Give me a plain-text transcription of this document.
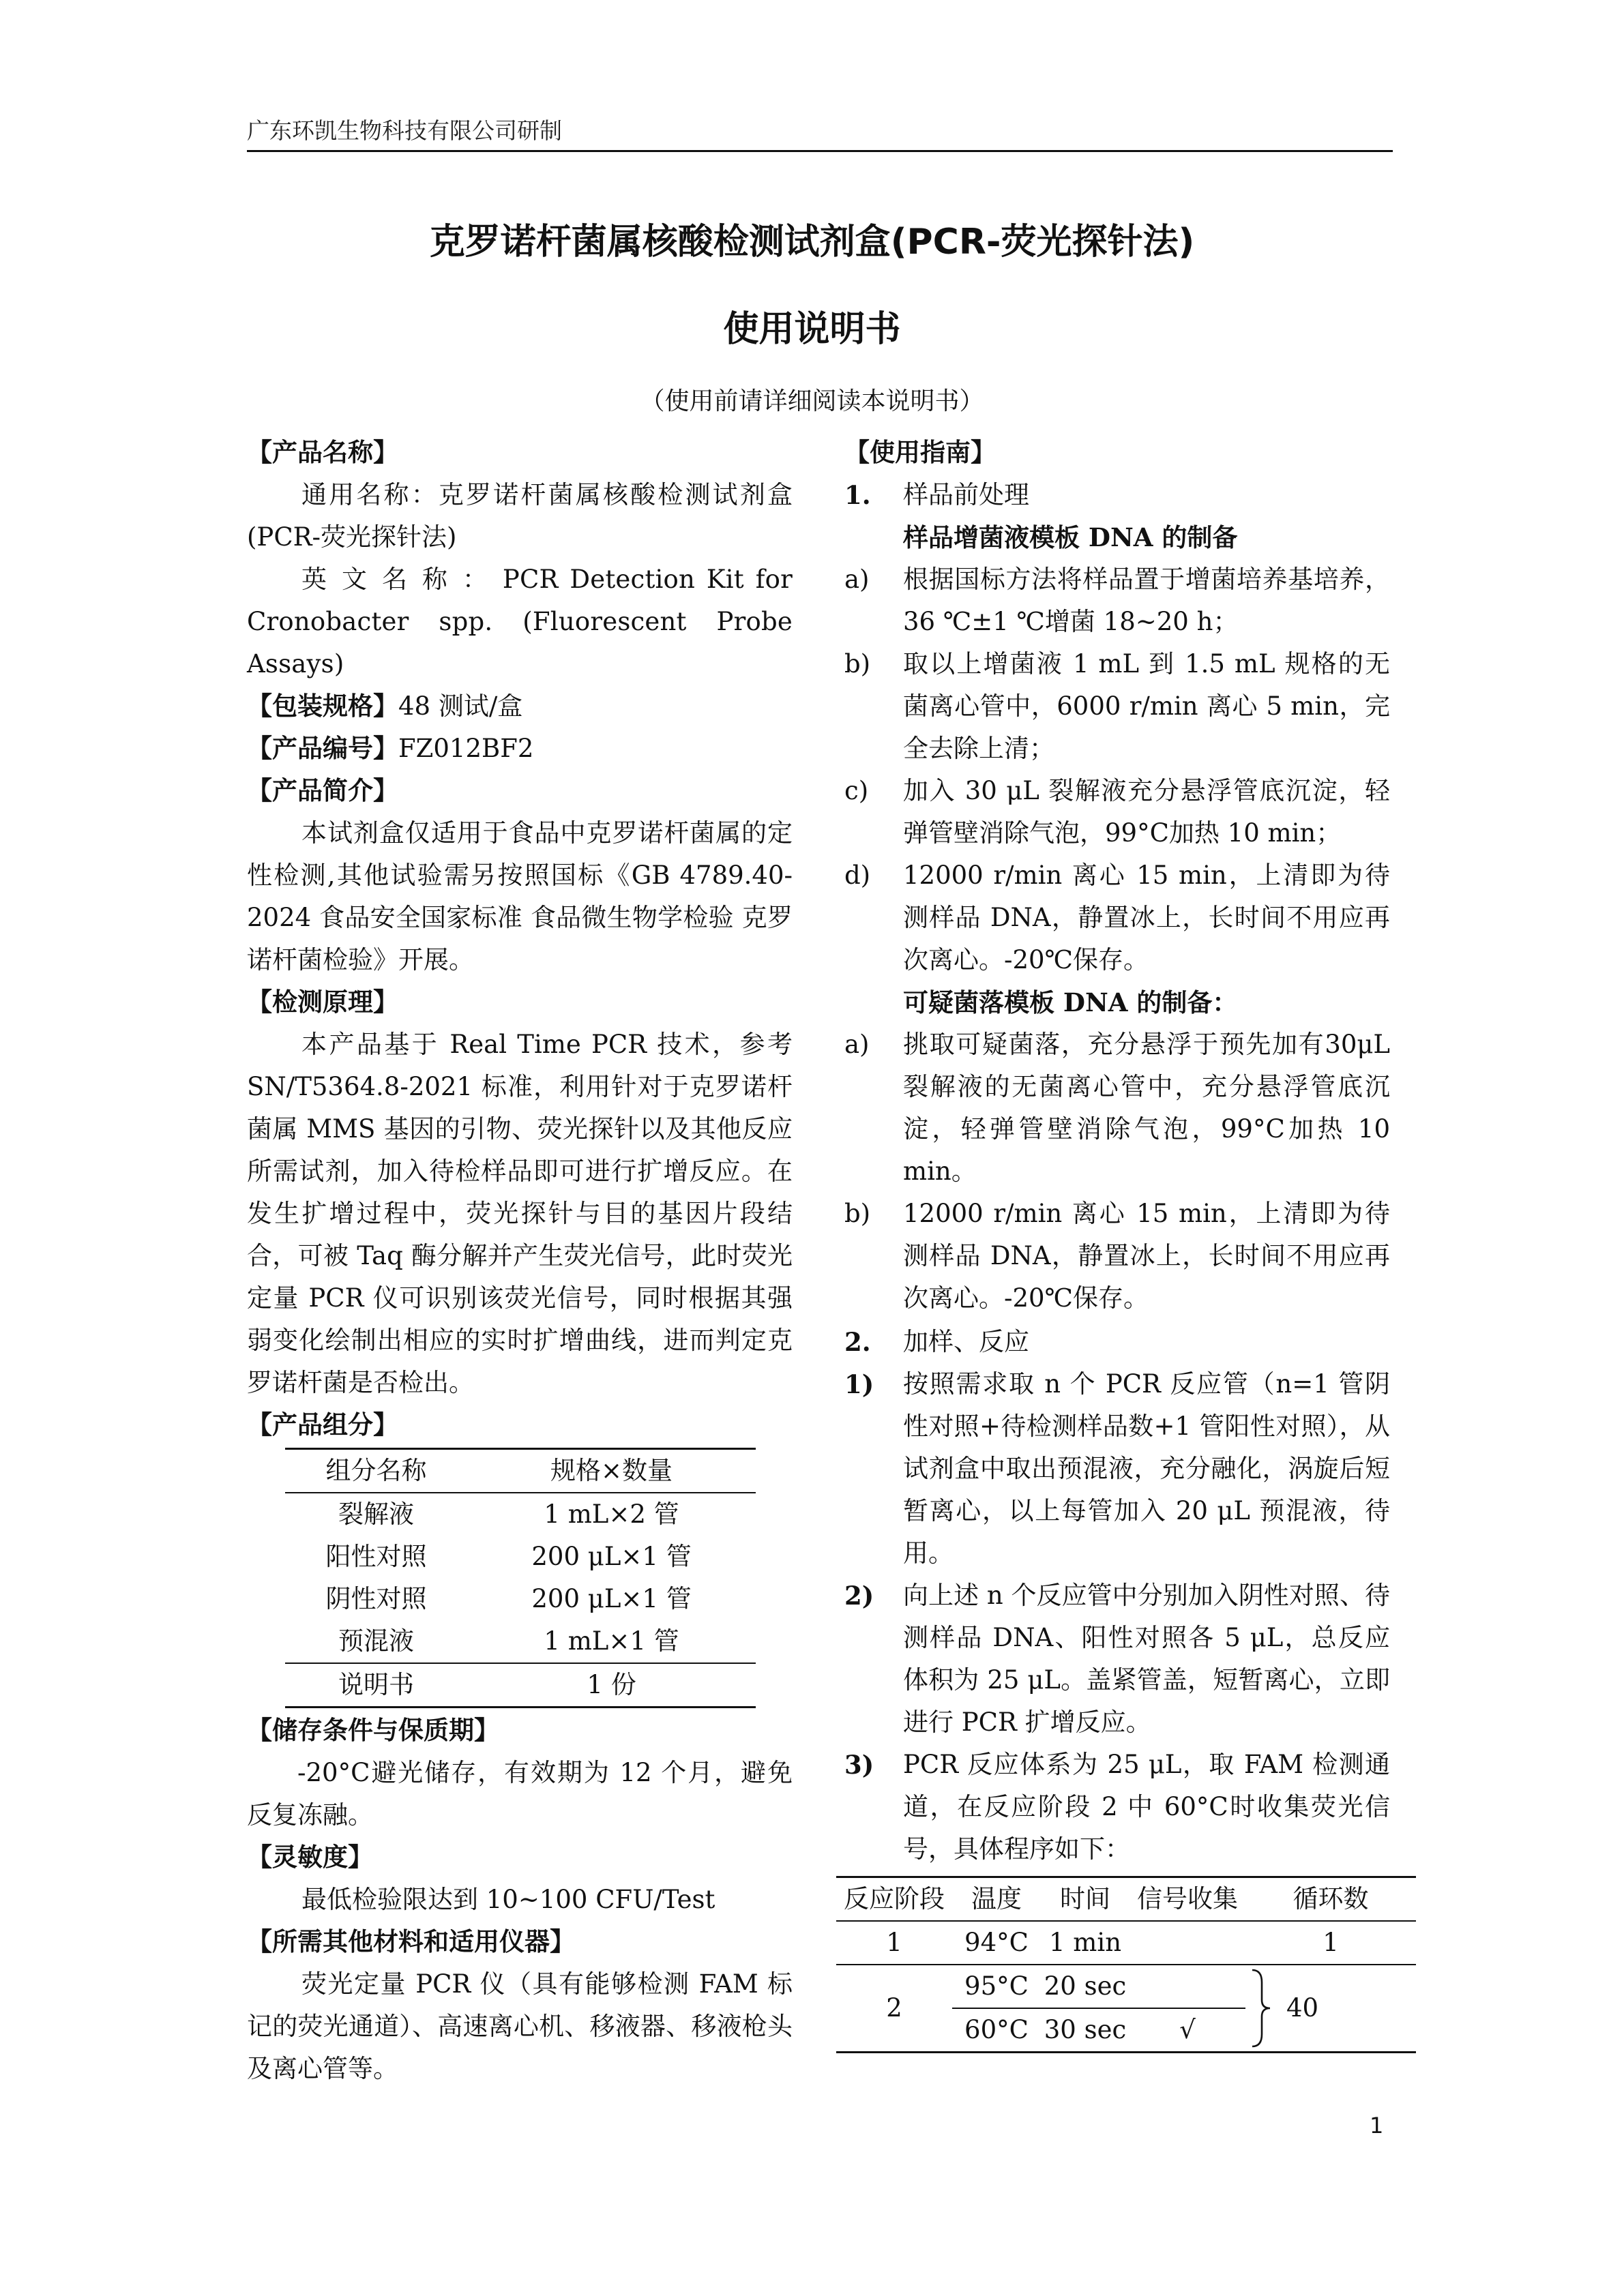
广东环凯生物科技有限公司研制
克罗诺杆菌属核酸检测试剂盒(PCR-荧光探针法)
使用说明书
（使用前请详细阅读本说明书）
【产品名称】
通用名称：克罗诺杆菌属核酸检测试剂盒(PCR-荧光探针法)
英 文 名 称 ： PCR Detection Kit for Cronobacter spp. (Fluorescent Probe Assays)
【包装规格】 48 测试/盒
【产品编号】 FZ012BF2
【产品简介】
本试剂盒仅适用于食品中克罗诺杆菌属的定性检测,其他试验需另按照国标《GB 4789.40-2024 食品安全国家标准 食品微生物学检验 克罗诺杆菌检验》开展。
【检测原理】
本产品基于 Real Time PCR 技术，参考SN/T5364.8-2021 标准，利用针对于克罗诺杆菌属 MMS 基因的引物、荧光探针以及其他反应所需试剂，加入待检样品即可进行扩增反应。在发生扩增过程中，荧光探针与目的基因片段结合，可被 Taq 酶分解并产生荧光信号，此时荧光定量 PCR 仪可识别该荧光信号，同时根据其强弱变化绘制出相应的实时扩增曲线，进而判定克罗诺杆菌是否检出。
【产品组分】
组分名称	规格×数量
裂解液	1 mL×2 管
阳性对照	200 μL×1 管
阴性对照	200 μL×1 管
预混液	1 mL×1 管
说明书	1 份
【储存条件与保质期】
-20°C避光储存，有效期为 12 个月，避免反复冻融。
【灵敏度】
最低检验限达到 10~100 CFU/Test
【所需其他材料和适用仪器】
荧光定量 PCR 仪（具有能够检测 FAM 标记的荧光通道）、高速离心机、移液器、移液枪头及离心管等。
【使用指南】
1.	样品前处理
样品增菌液模板 DNA 的制备
a)	根据国标方法将样品置于增菌培养基培养，36 ℃±1 ℃增菌 18~20 h；
b)	取以上增菌液 1 mL 到 1.5 mL 规格的无菌离心管中，6000 r/min 离心 5 min，完全去除上清；
c)	加入 30 μL 裂解液充分悬浮管底沉淀，轻弹管壁消除气泡，99°C加热 10 min；
d)	12000 r/min 离心 15 min，上清即为待测样品 DNA，静置冰上，长时间不用应再次离心。-20℃保存。
可疑菌落模板 DNA 的制备：
a)	挑取可疑菌落，充分悬浮于预先加有30μL 裂解液的无菌离心管中，充分悬浮管底沉淀，轻弹管壁消除气泡，99°C加热 10 min。
b)	12000 r/min 离心 15 min，上清即为待测样品 DNA，静置冰上，长时间不用应再次离心。-20℃保存。
2.	加样、反应
1)	按照需求取 n 个 PCR 反应管（n=1 管阴性对照+待检测样品数+1 管阳性对照），从试剂盒中取出预混液，充分融化，涡旋后短暂离心，以上每管加入 20 μL 预混液，待用。
2)	向上述 n 个反应管中分别加入阴性对照、待测样品 DNA、阳性对照各 5 μL，总反应体积为 25 μL。盖紧管盖，短暂离心，立即进行 PCR 扩增反应。
3)	PCR 反应体系为 25 μL，取 FAM 检测通道，在反应阶段 2 中 60°C时收集荧光信号，具体程序如下：
反应阶段	温度	时间	信号收集	循环数
1	94°C	1 min		1
2	95°C	20 sec		40

	60°C	30 sec	√	
1
